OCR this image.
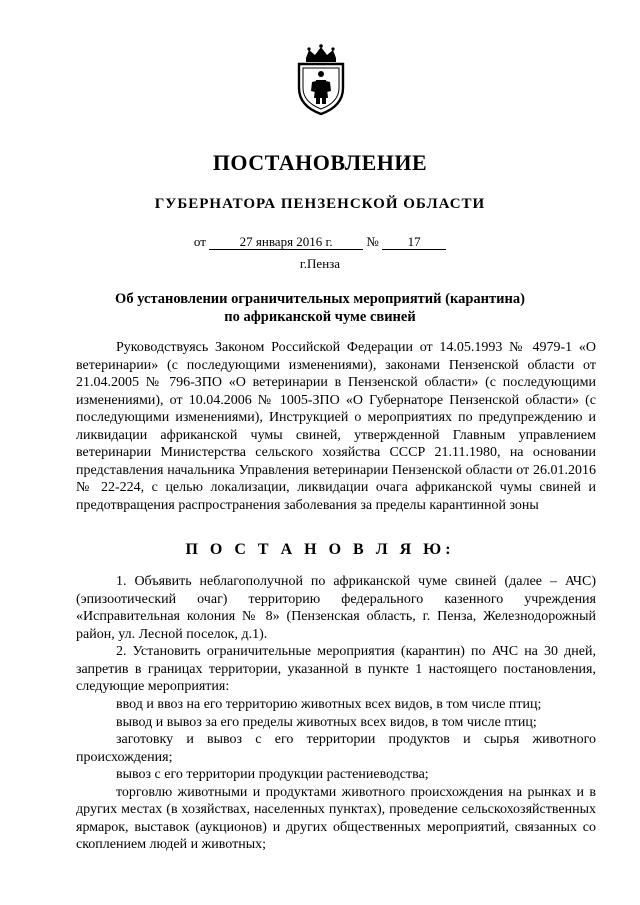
ПОСТАНОВЛЕНИЕ
ГУБЕРНАТОРА ПЕНЗЕНСКОЙ ОБЛАСТИ
от	27 января 2016 г.	№ 17
г.Пенза
Об установлении ограничительных мероприятий (карантина)
по африканской чуме свиней
Руководствуясь Законом Российской Федерации от 14.05.1993 № 4979-1 «О ветеринарии» (с последующими изменениями), законами Пензенской области от 21.04.2005 № 796-ЗПО «О ветеринарии в Пензенской области» (с последующими изменениями), от 10.04.2006 № 1005-ЗПО «О Губернаторе Пензенской области» (с последующими изменениями), Инструкцией о мероприятиях по предупреждению и ликвидации африканской чумы свиней, утвержденной Главным управлением ветеринарии Министерства сельского хозяйства СССР 21.11.1980, на основании представления начальника Управления ветеринарии Пензенской области от 26.01.2016 № 22-224, с целью локализации, ликвидации очага африканской чумы свиней и предотвращения распространения заболевания за пределы карантинной зоны
П О С Т А Н О В Л Я Ю:
1. Объявить неблагополучной по африканской чуме свиней (далее – АЧС) (эпизоотический очаг) территорию федерального казенного учреждения «Исправительная колония № 8» (Пензенская область, г. Пенза, Железнодорожный район, ул. Лесной поселок, д.1).
2. Установить ограничительные мероприятия (карантин) по АЧС на 30 дней, запретив в границах территории, указанной в пункте 1 настоящего постановления, следующие мероприятия:
ввод и ввоз на его территорию животных всех видов, в том числе птиц;
вывод и вывоз за его пределы животных всех видов, в том числе птиц;
заготовку и вывоз с его территории продуктов и сырья животного происхождения;
вывоз с его территории продукции растениеводства;
торговлю животными и продуктами животного происхождения на рынках и в других местах (в хозяйствах, населенных пунктах), проведение сельскохозяйственных ярмарок, выставок (аукционов) и других общественных мероприятий, связанных со скоплением людей и животных;
